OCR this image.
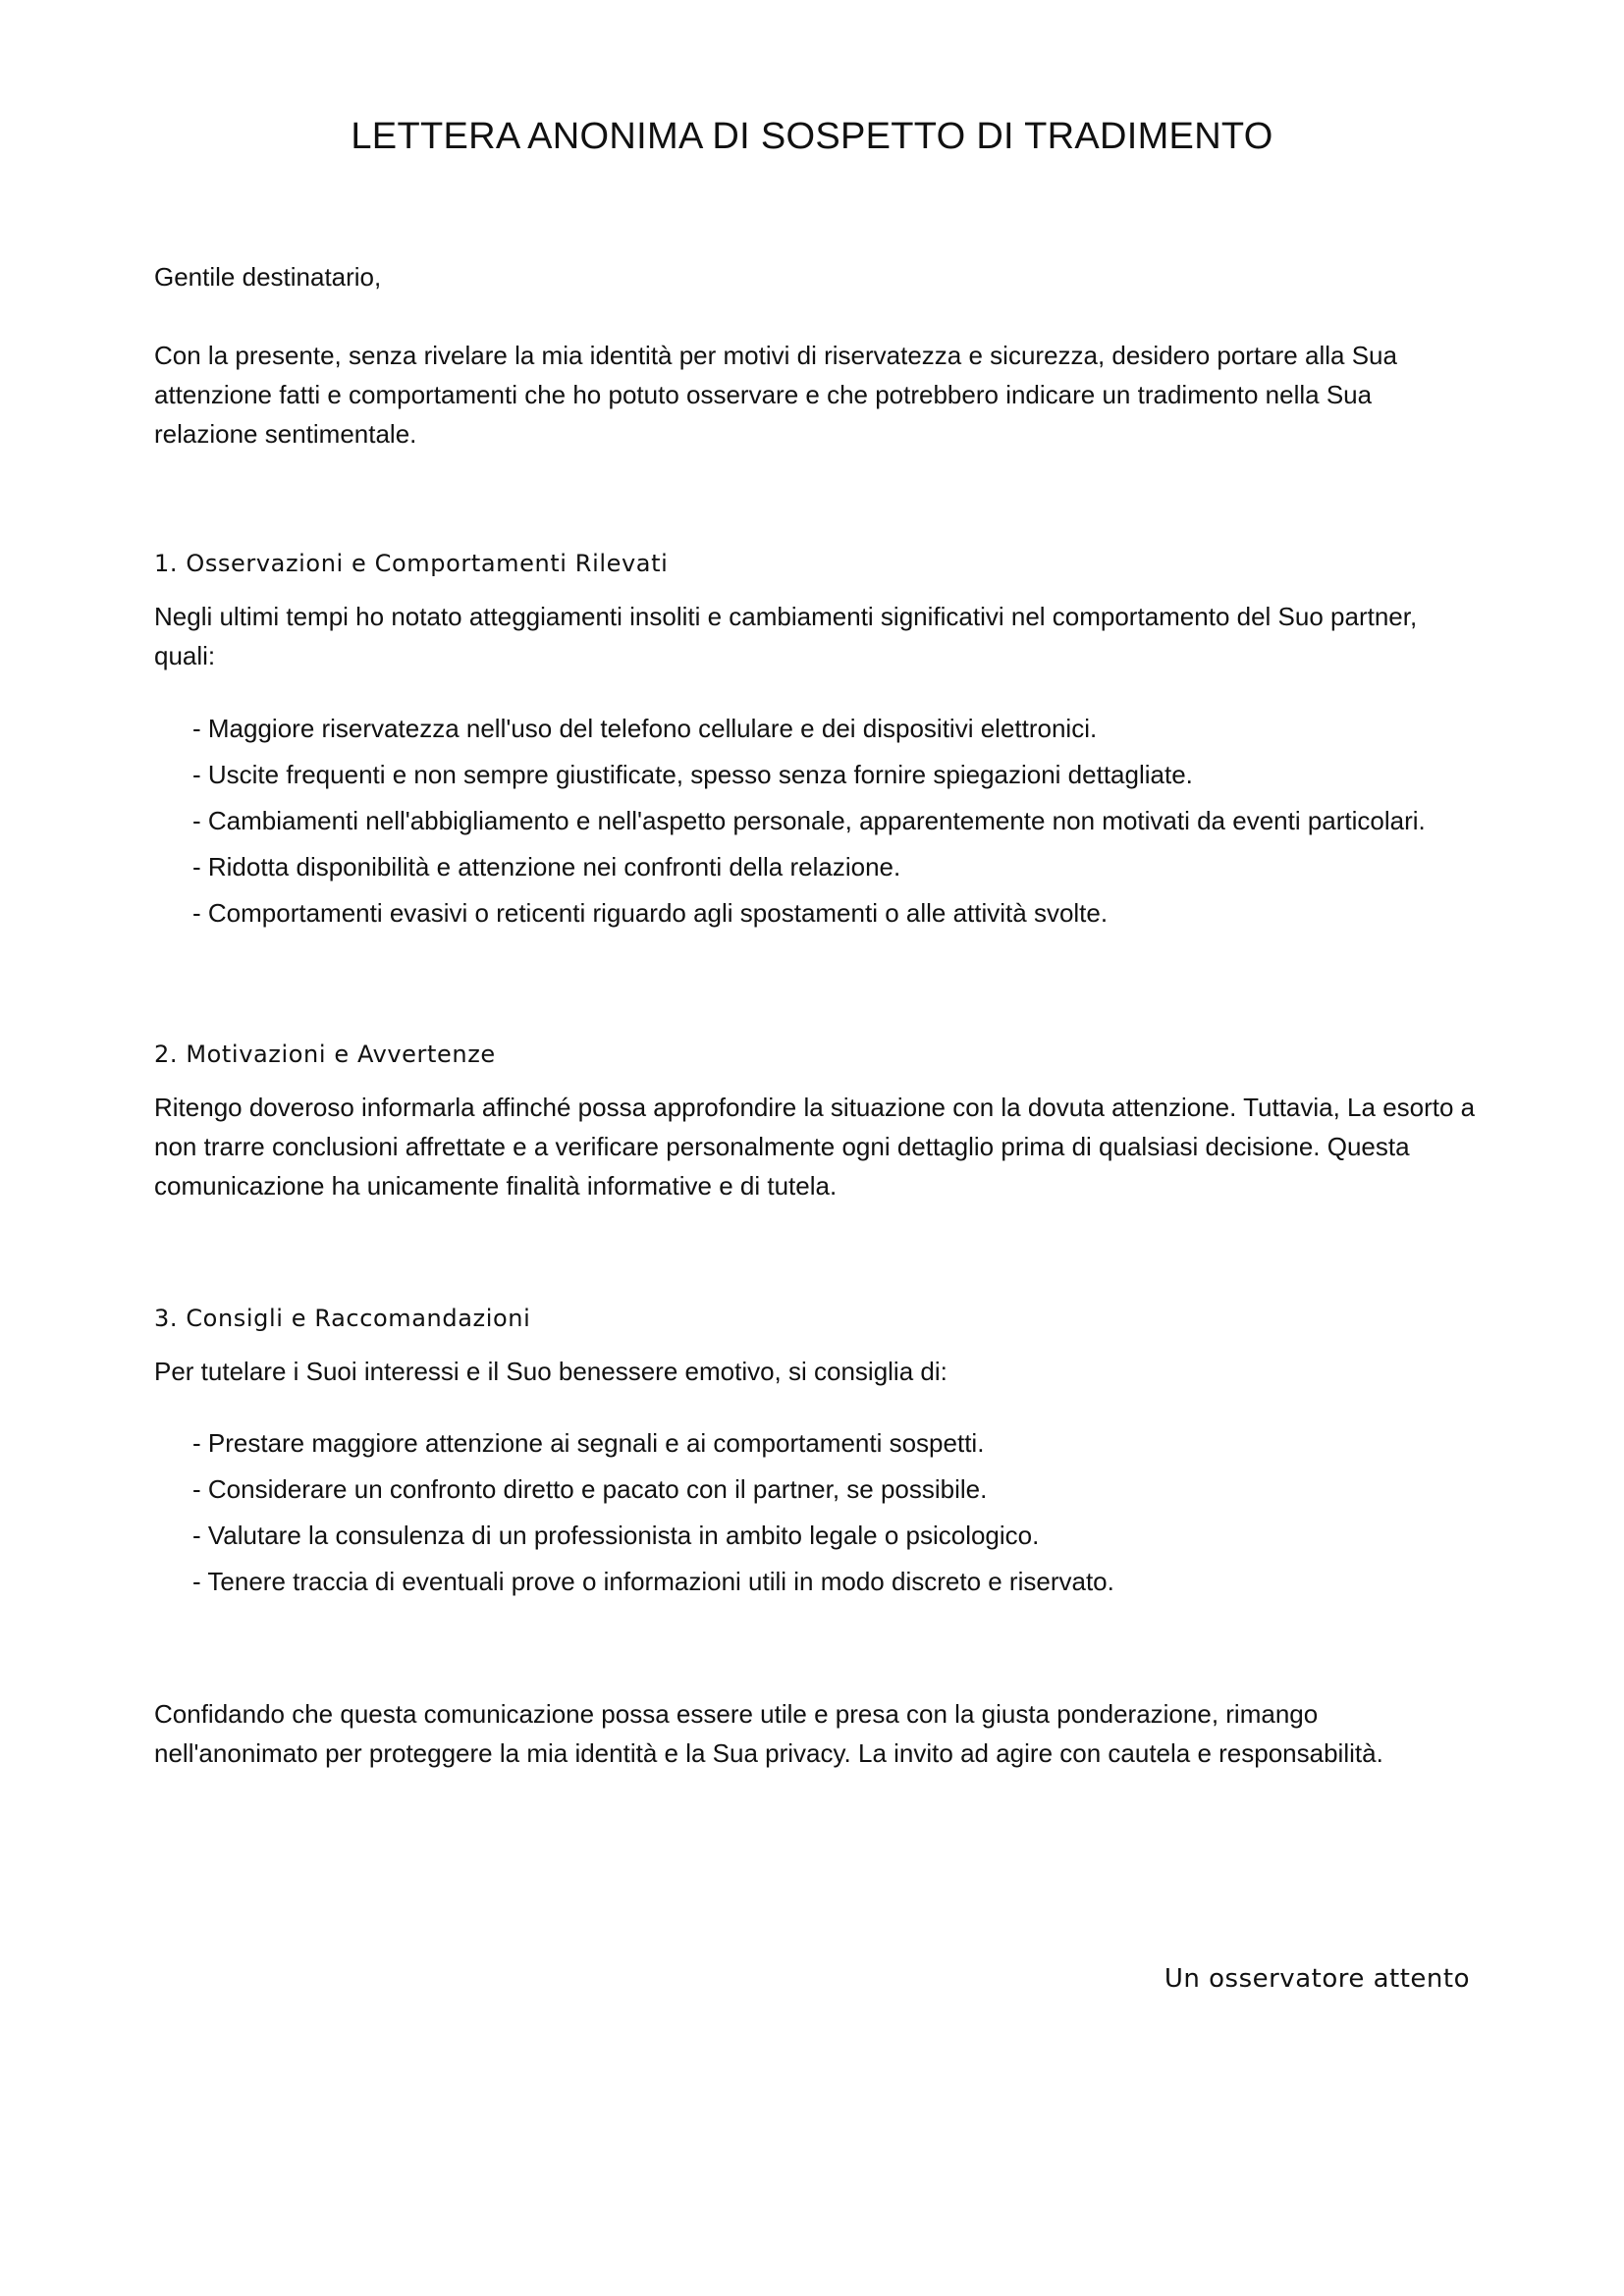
LETTERA ANONIMA DI SOSPETTO DI TRADIMENTO

Gentile destinatario,

Con la presente, senza rivelare la mia identità per motivi di riservatezza e sicurezza, desidero portare alla Sua attenzione fatti e comportamenti che ho potuto osservare e che potrebbero indicare un tradimento nella Sua relazione sentimentale.

1. Osservazioni e Comportamenti Rilevati

Negli ultimi tempi ho notato atteggiamenti insoliti e cambiamenti significativi nel comportamento del Suo partner, quali:

- Maggiore riservatezza nell'uso del telefono cellulare e dei dispositivi elettronici.
- Uscite frequenti e non sempre giustificate, spesso senza fornire spiegazioni dettagliate.
- Cambiamenti nell'abbigliamento e nell'aspetto personale, apparentemente non motivati da eventi particolari.
- Ridotta disponibilità e attenzione nei confronti della relazione.
- Comportamenti evasivi o reticenti riguardo agli spostamenti o alle attività svolte.
2. Motivazioni e Avvertenze

Ritengo doveroso informarla affinché possa approfondire la situazione con la dovuta attenzione. Tuttavia, La esorto a non trarre conclusioni affrettate e a verificare personalmente ogni dettaglio prima di qualsiasi decisione. Questa comunicazione ha unicamente finalità informative e di tutela.

3. Consigli e Raccomandazioni

Per tutelare i Suoi interessi e il Suo benessere emotivo, si consiglia di:

- Prestare maggiore attenzione ai segnali e ai comportamenti sospetti.
- Considerare un confronto diretto e pacato con il partner, se possibile.
- Valutare la consulenza di un professionista in ambito legale o psicologico.
- Tenere traccia di eventuali prove o informazioni utili in modo discreto e riservato.

Confidando che questa comunicazione possa essere utile e presa con la giusta ponderazione, rimango nell'anonimato per proteggere la mia identità e la Sua privacy. La invito ad agire con cautela e responsabilità.

Un osservatore attento
